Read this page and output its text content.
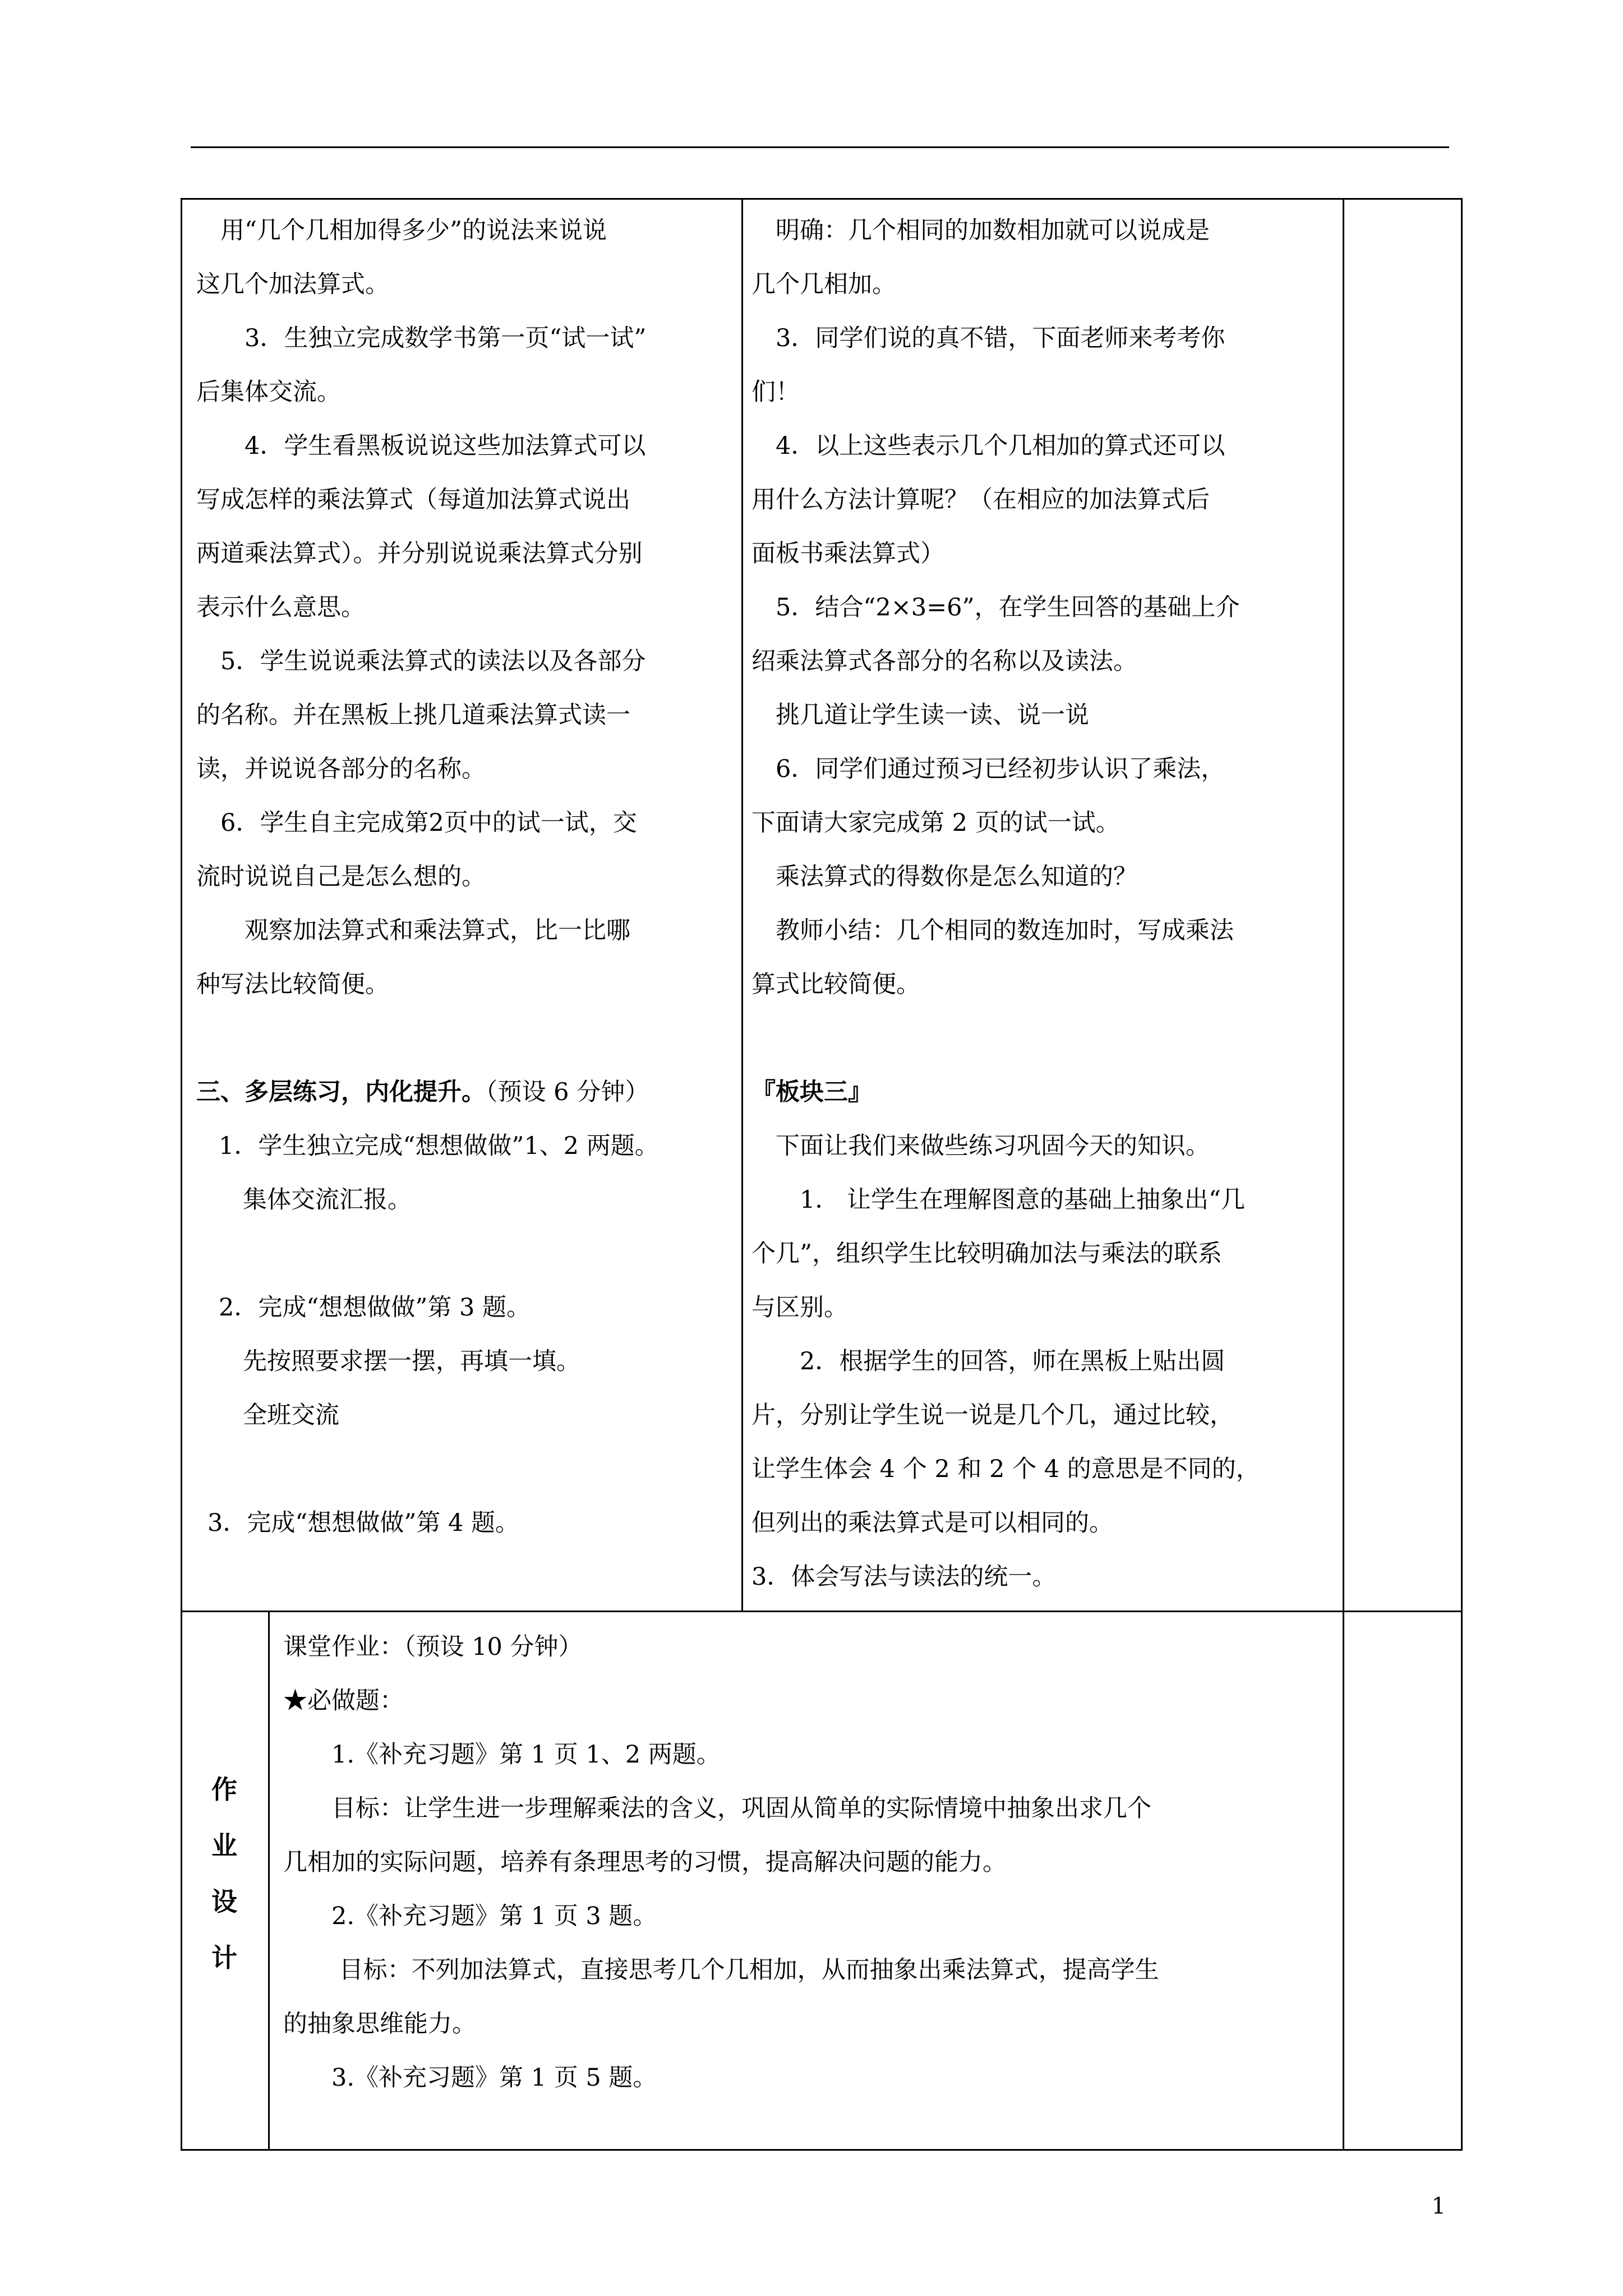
　用“几个几相加得多少”的说法来说说

这几个加法算式。

　　3．生独立完成数学书第一页“试一试”

后集体交流。

　　4．学生看黑板说说这些加法算式可以

写成怎样的乘法算式（每道加法算式说出

两道乘法算式）。并分别说说乘法算式分别

表示什么意思。

　5．学生说说乘法算式的读法以及各部分

的名称。并在黑板上挑几道乘法算式读一

读，并说说各部分的名称。

　6．学生自主完成第2页中的试一试，交

流时说说自己是怎么想的。

　　观察加法算式和乘法算式，比一比哪

种写法比较简便。

三、多层练习，内化提升。（预设 6 分钟）

1．学生独立完成“想想做做”1、2 两题。

　集体交流汇报。

2．完成“想想做做”第 3 题。

　先按照要求摆一摆，再填一填。

　全班交流

3．完成“想想做做”第 4 题。

　明确：几个相同的加数相加就可以说成是

几个几相加。

　3．同学们说的真不错，下面老师来考考你

们！

　4．以上这些表示几个几相加的算式还可以

用什么方法计算呢？（在相应的加法算式后

面板书乘法算式）

　5．结合“2×3=6”，在学生回答的基础上介

绍乘法算式各部分的名称以及读法。

　挑几道让学生读一读、说一说

　6．同学们通过预习已经初步认识了乘法，

下面请大家完成第 2 页的试一试。

　乘法算式的得数你是怎么知道的？

　教师小结：几个相同的数连加时，写成乘法

算式比较简便。

『板块三』

　下面让我们来做些练习巩固今天的知识。

　　1． 让学生在理解图意的基础上抽象出“几

个几”，组织学生比较明确加法与乘法的联系

与区别。

　　2．根据学生的回答，师在黑板上贴出圆

片，分别让学生说一说是几个几，通过比较，

让学生体会 4 个 2 和 2 个 4 的意思是不同的，

但列出的乘法算式是可以相同的。

3．体会写法与读法的统一。

作
业
设
计

课堂作业：（预设 10 分钟）

★必做题：

　　1.《补充习题》第 1 页 1、2 两题。

　　目标：让学生进一步理解乘法的含义，巩固从简单的实际情境中抽象出求几个

几相加的实际问题，培养有条理思考的习惯，提高解决问题的能力。

　　2.《补充习题》第 1 页 3 题。

　　 目标：不列加法算式，直接思考几个几相加，从而抽象出乘法算式，提高学生

的抽象思维能力。

　　3.《补充习题》第 1 页 5 题。

1
